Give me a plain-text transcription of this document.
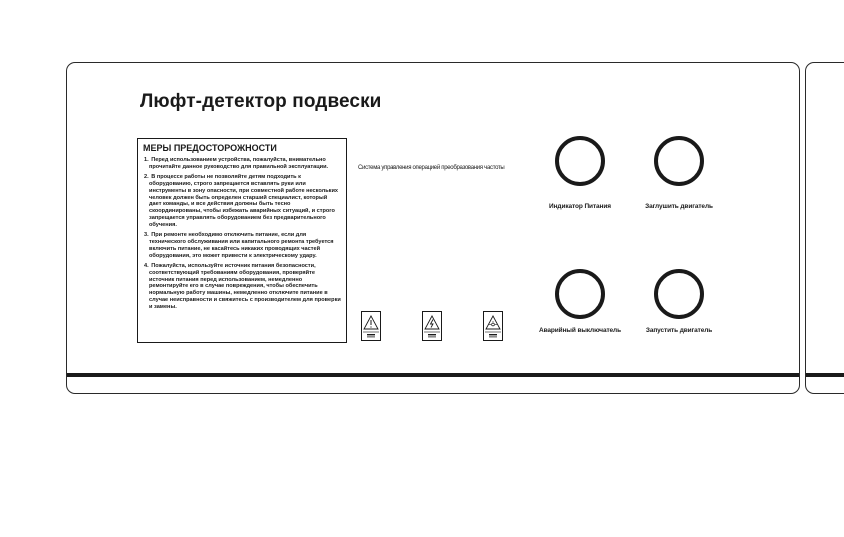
Люфт-детектор подвески
МЕРЫ ПРЕДОСТОРОЖНОСТИ
1. Перед использованием устройства, пожалуйста, внимательно прочитайте данное руководство для правильной эксплуатации.
2. В процессе работы не позволяйте детям подходить к оборудованию, строго запрещается вставлять руки или инструменты в зону опасности, при совместной работе нескольких человек должен быть определен старший специалист, который дает команды, и все действия должны быть тесно скоординированы, чтобы избежать аварийных ситуаций, и строго запрещается управлять оборудованием без предварительного обучения.
3. При ремонте необходимо отключить питание, если для технического обслуживания или капитального ремонта требуется включить питание, не касайтесь никаких проводящих частей оборудования, это может привести к электрическому удару.
4. Пожалуйста, используйте источник питания безопасности, соответствующий требованиям оборудования, проверяйте источник питания перед использованием, немедленно ремонтируйте его в случае повреждения, чтобы обеспечить нормальную работу машины, немедленно отключите питание в случае неисправности и свяжитесь с производителем для проверки и замены.
Система управления операцией преобразования частоты
Индикатор Питания	Заглушить двигатель
Аварийный выключатель	Запустить двигатель
